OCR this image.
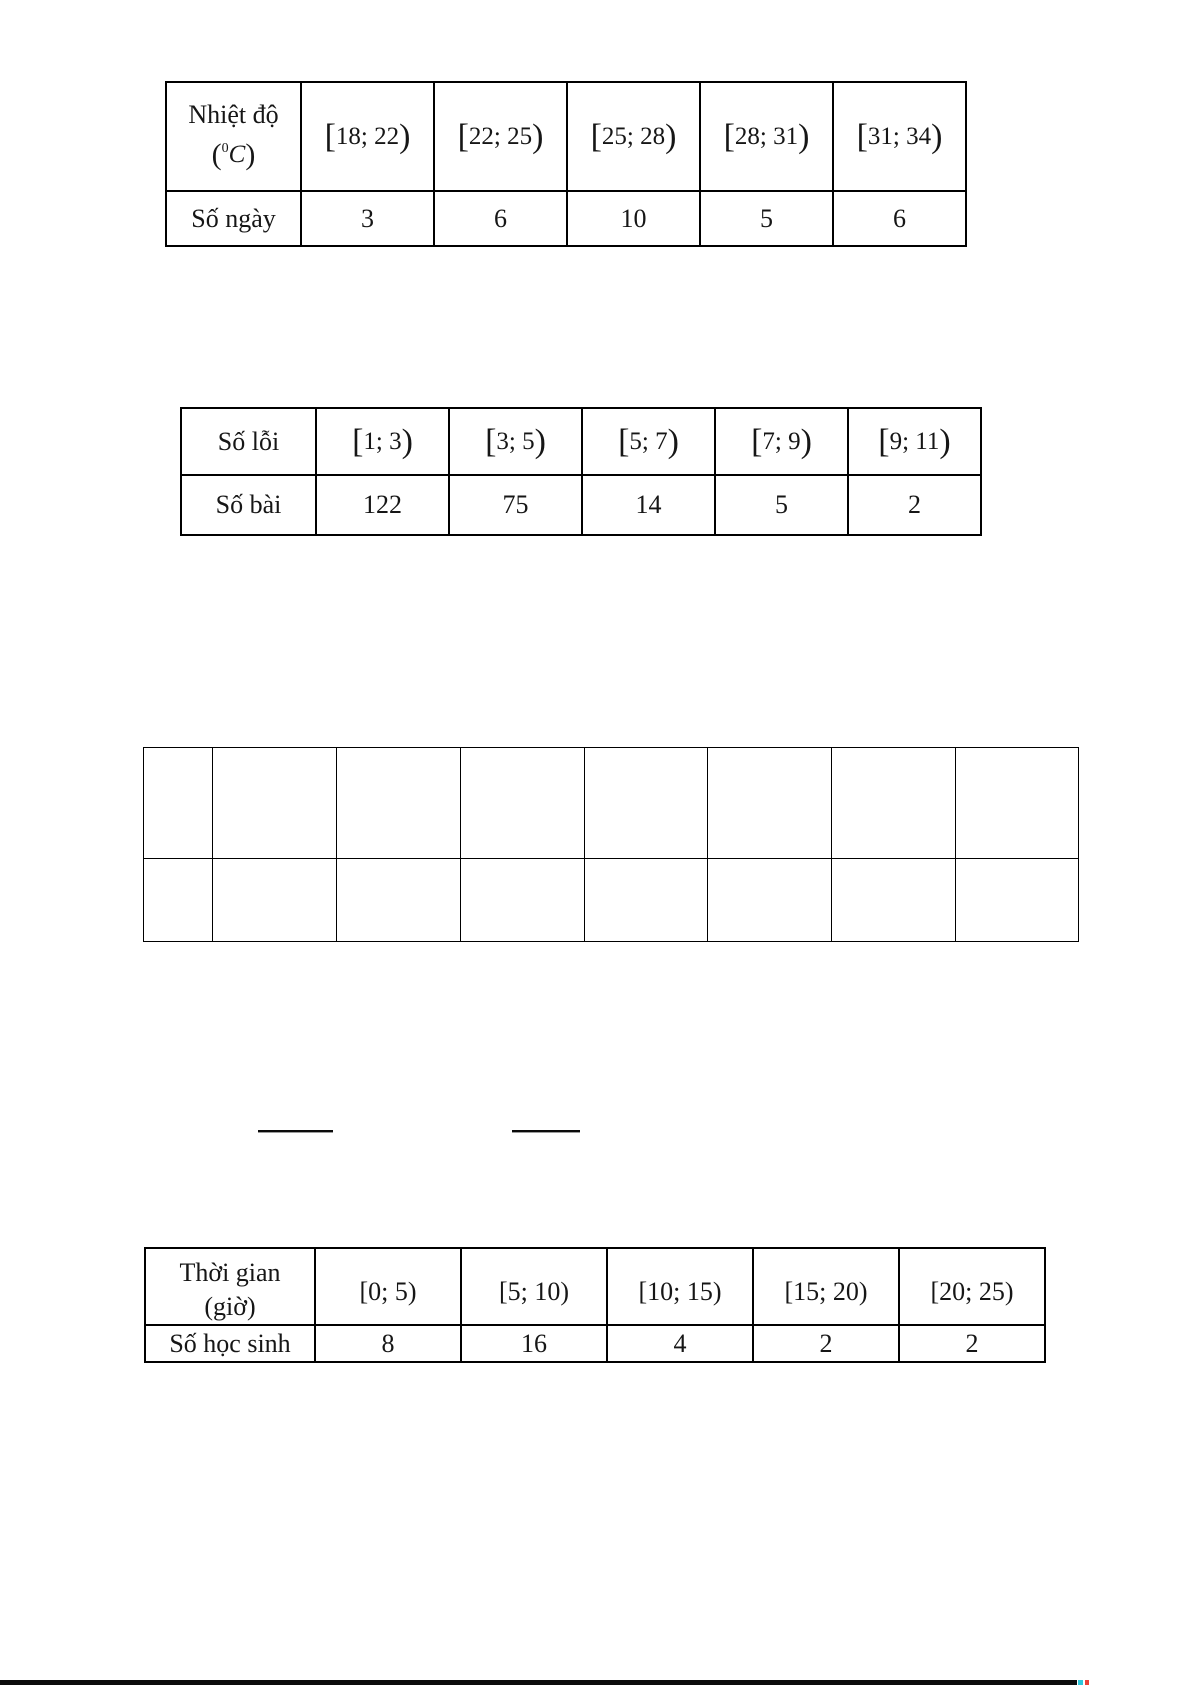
Nhiệt độ
(0C)	[18; 22)	[22; 25)	[25; 28)	[28; 31)	[31; 34)
Số ngày	3	6	10	5	6
Số lỗi	[1; 3)	[3; 5)	[5; 7)	[7; 9)	[9; 11)
Số bài	122	75	14	5	2

Thời gian
(giờ)	[0; 5)	[5; 10)	[10; 15)	[15; 20)	[20; 25)
Số học sinh	8	16	4	2	2
